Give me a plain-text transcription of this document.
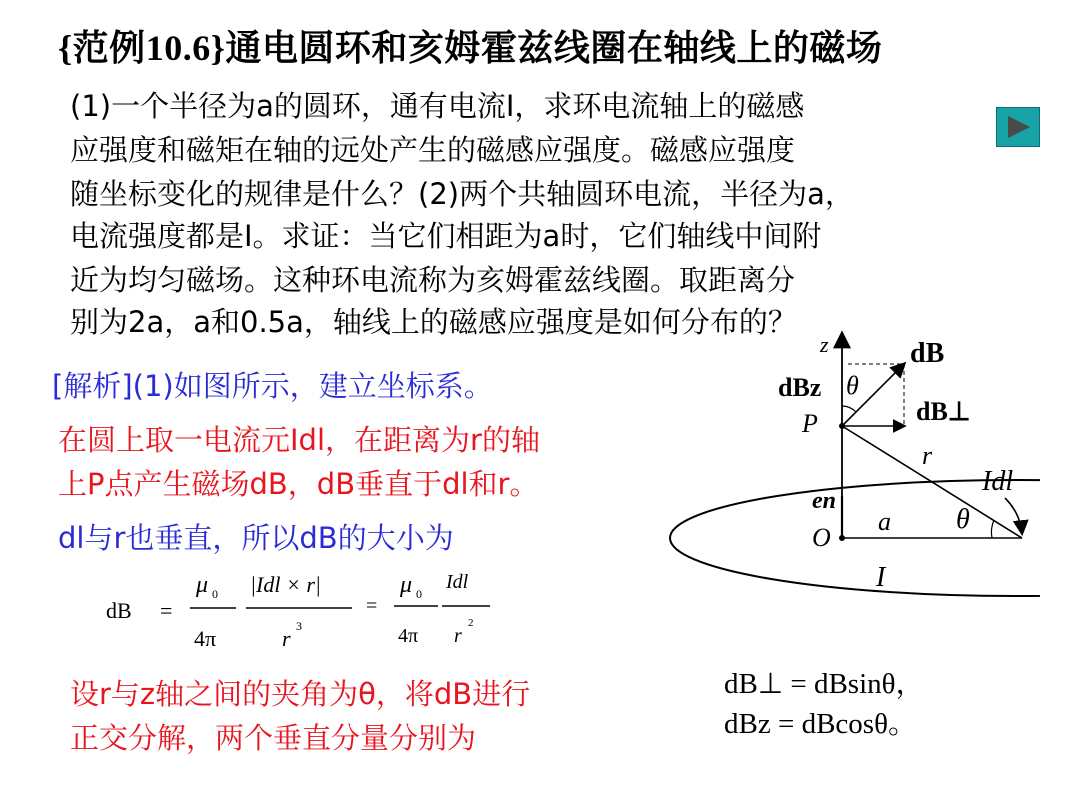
{范例10.6}通电圆环和亥姆霍兹线圈在轴线上的磁场
(1)一个半径为a的圆环，通有电流I，求环电流轴上的磁感
应强度和磁矩在轴的远处产生的磁感应强度。磁感应强度
随坐标变化的规律是什么？(2)两个共轴圆环电流，半径为a，
电流强度都是I。求证：当它们相距为a时，它们轴线中间附
近为均匀磁场。这种环电流称为亥姆霍兹线圈。取距离分
别为2a，a和0.5a，轴线上的磁感应强度是如何分布的？
[解析](1)如图所示，建立坐标系。
在圆上取一电流元Idl，在距离为r的轴
上P点产生磁场dB，dB垂直于dl和r。
dl与r也垂直，所以dB的大小为
设r与z轴之间的夹角为θ，将dB进行
正交分解，两个垂直分量分别为
dB =
μ 0
4π
|Idl × r|
r 3
=
μ 0
4π
Idl
r
2
dB⊥ = dBsinθ，
dBz = dBcosθ。
z	dB
dBz θ
dB⊥
P
r
Idl
en
a θ
O
I
